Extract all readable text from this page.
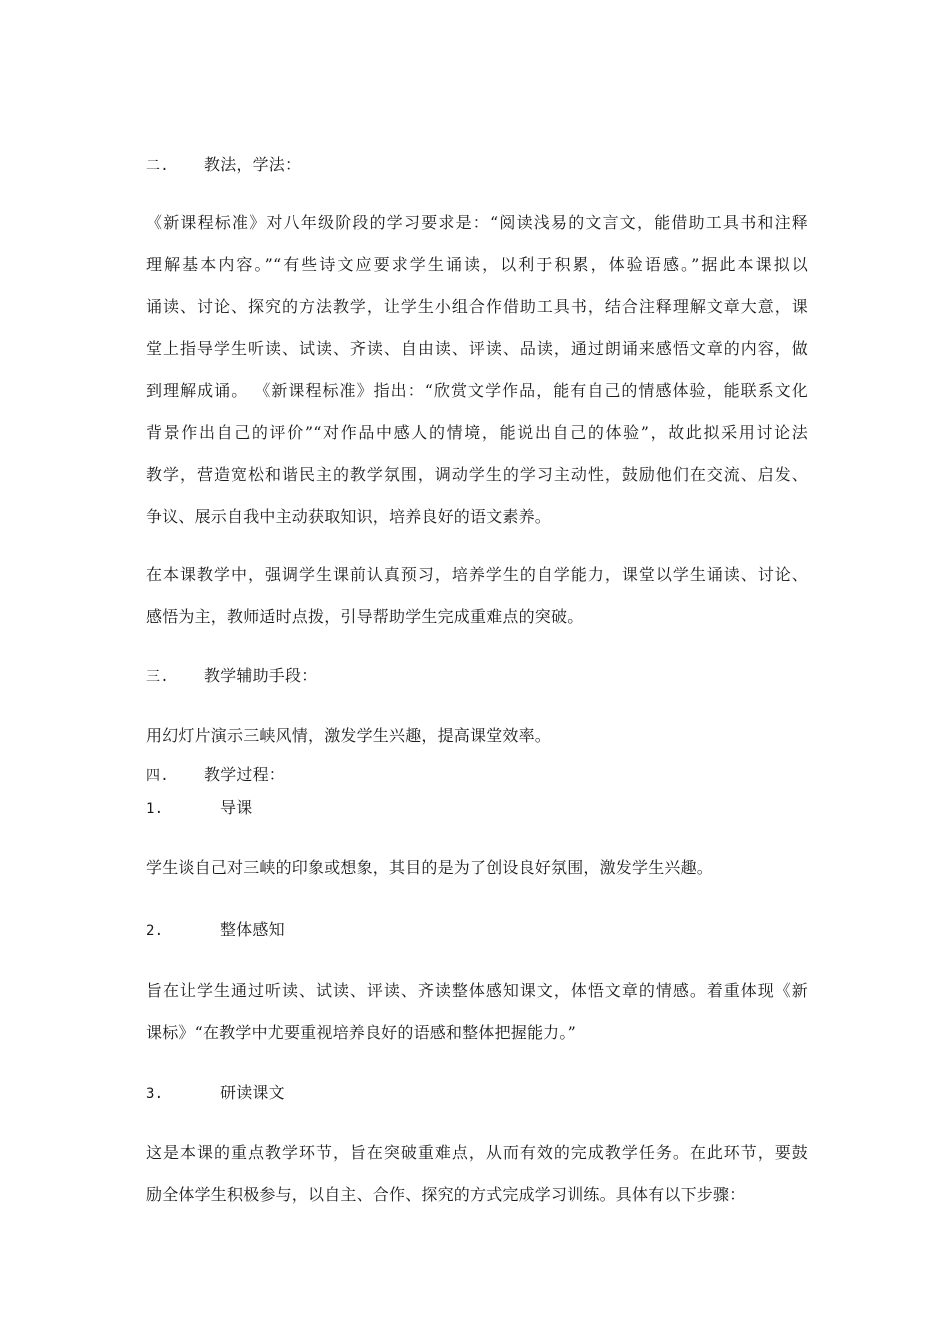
二. 教法，学法：
《新课程标准》对八年级阶段的学习要求是：“阅读浅易的文言文，能借助工具书和注释
理解基本内容。”“有些诗文应要求学生诵读，以利于积累，体验语感。”据此本课拟以
诵读、讨论、探究的方法教学，让学生小组合作借助工具书，结合注释理解文章大意，课
堂上指导学生听读、试读、齐读、自由读、评读、品读，通过朗诵来感悟文章的内容，做
到理解成诵。 《新课程标准》指出：“欣赏文学作品，能有自己的情感体验，能联系文化
背景作出自己的评价”“对作品中感人的情境，能说出自己的体验”，故此拟采用讨论法
教学，营造宽松和谐民主的教学氛围，调动学生的学习主动性，鼓励他们在交流、启发、
争议、展示自我中主动获取知识，培养良好的语文素养。
在本课教学中，强调学生课前认真预习，培养学生的自学能力，课堂以学生诵读、讨论、
感悟为主，教师适时点拨，引导帮助学生完成重难点的突破。
三. 教学辅助手段：
用幻灯片演示三峡风情，激发学生兴趣，提高课堂效率。
四. 教学过程：
1.	导课
学生谈自己对三峡的印象或想象，其目的是为了创设良好氛围，激发学生兴趣。
2.	整体感知
旨在让学生通过听读、试读、评读、齐读整体感知课文，体悟文章的情感。着重体现《新
课标》“在教学中尤要重视培养良好的语感和整体把握能力。”
3.	研读课文
这是本课的重点教学环节，旨在突破重难点，从而有效的完成教学任务。在此环节，要鼓
励全体学生积极参与，以自主、合作、探究的方式完成学习训练。具体有以下步骤：
